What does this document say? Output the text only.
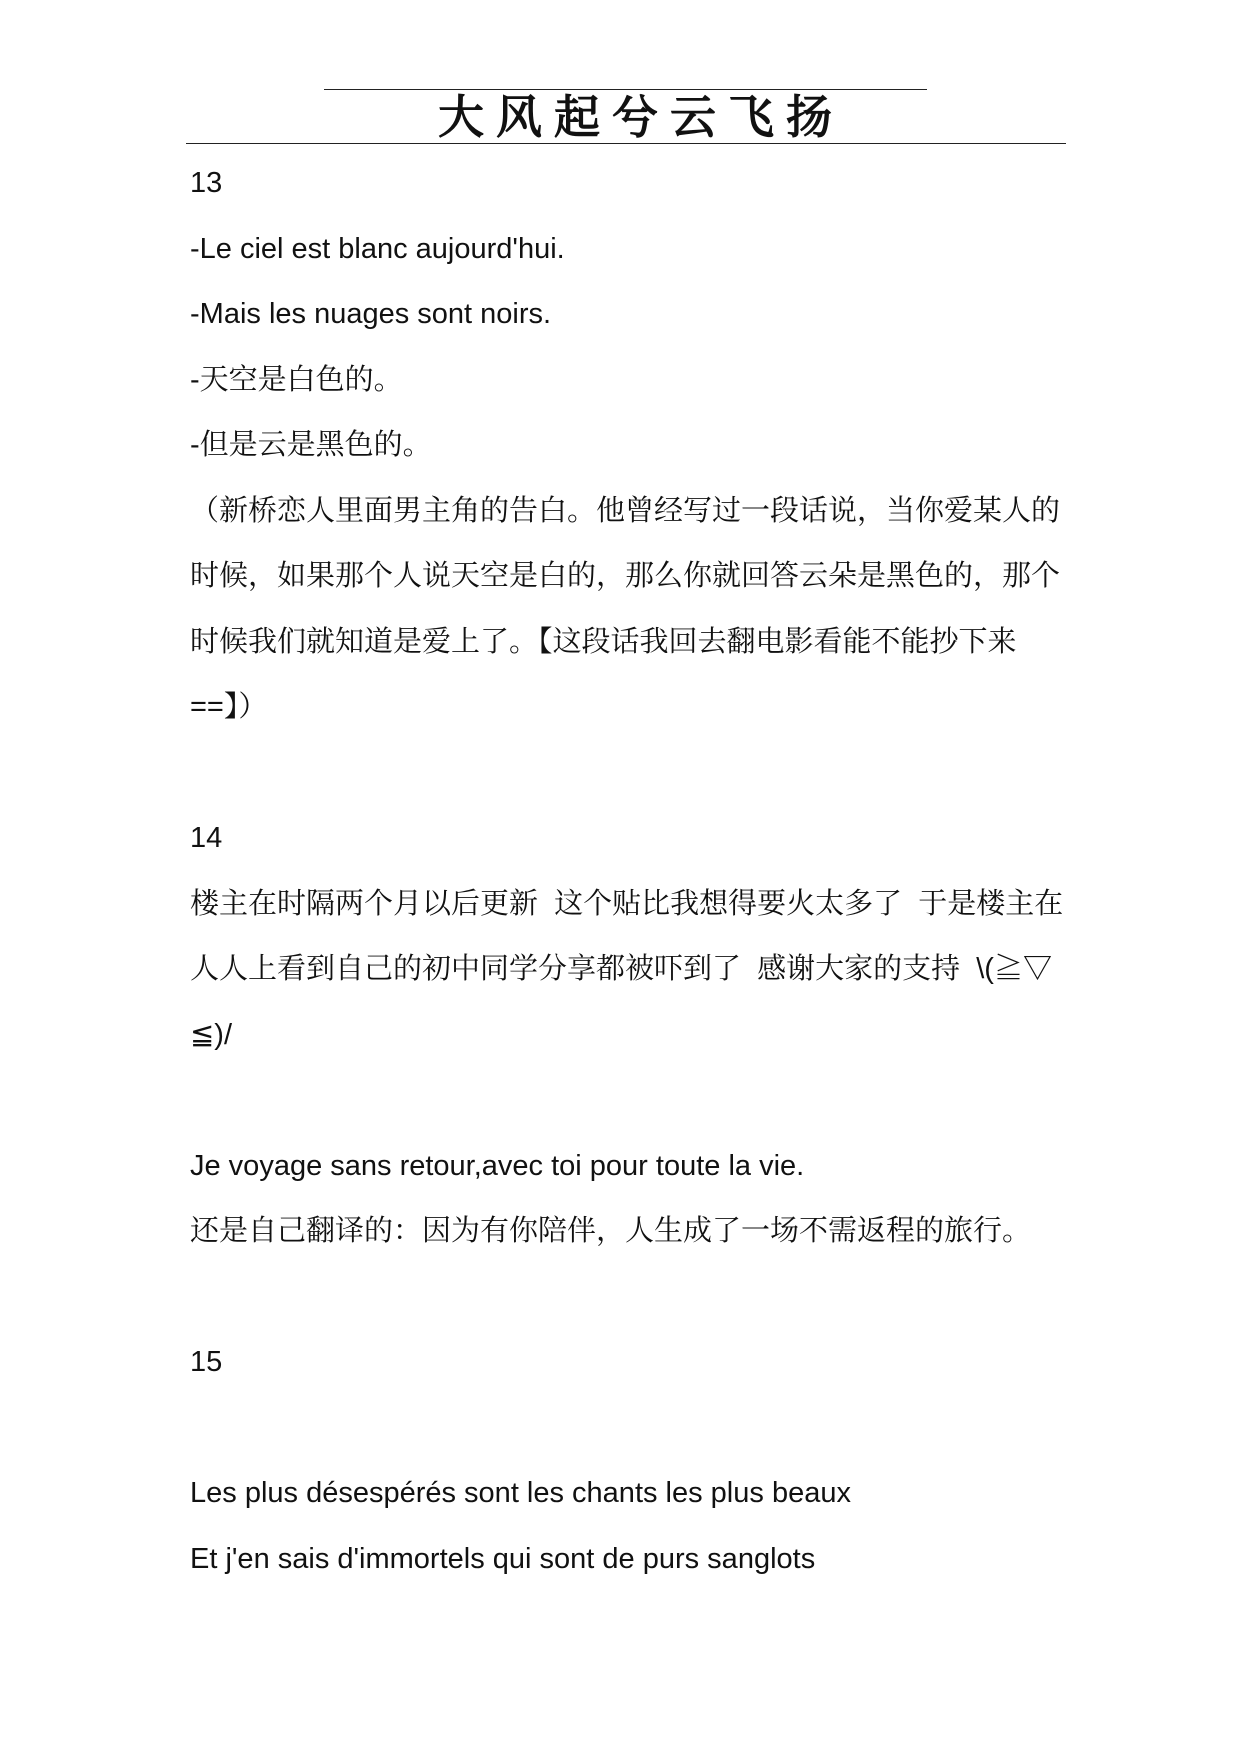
大风起兮云飞扬
13
-Le ciel est blanc aujourd'hui.
-Mais les nuages sont noirs.
-天空是白色的。
-但是云是黑色的。
（新桥恋人里面男主角的告白。他曾经写过一段话说，当你爱某人的
时候，如果那个人说天空是白的，那么你就回答云朵是黑色的，那个
时候我们就知道是爱上了。【这段话我回去翻电影看能不能抄下来
==】）
14
楼主在时隔两个月以后更新  这个贴比我想得要火太多了  于是楼主在
人人上看到自己的初中同学分享都被吓到了  感谢大家的支持  \(≧▽
≦)/
Je voyage sans retour,avec toi pour toute la vie.
还是自己翻译的：因为有你陪伴，人生成了一场不需返程的旅行。
15
Les plus désespérés sont les chants les plus beaux
Et j'en sais d'immortels qui sont de purs sanglots
